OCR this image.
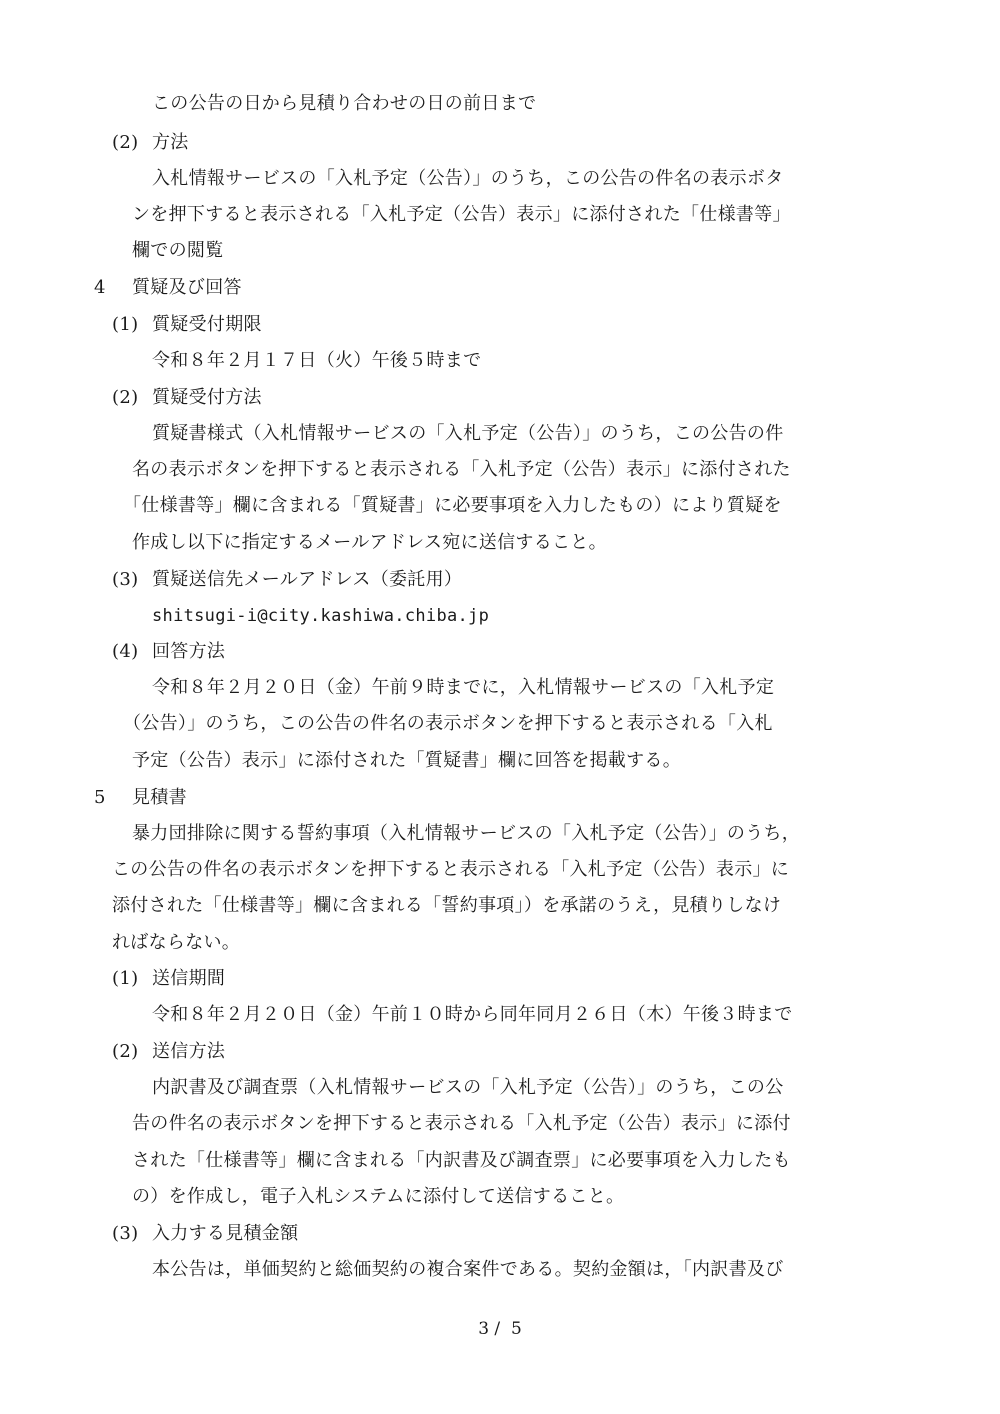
この公告の日から見積り合わせの日の前日まで
(2) 方法
入札情報サービスの「入札予定（公告）」のうち，この公告の件名の表示ボタ
ンを押下すると表示される「入札予定（公告）表示」に添付された「仕様書等」
欄での閲覧
4 質疑及び回答
(1) 質疑受付期限
令和８年２月１７日（火）午後５時まで
(2) 質疑受付方法
質疑書様式（入札情報サービスの「入札予定（公告）」のうち，この公告の件
名の表示ボタンを押下すると表示される「入札予定（公告）表示」に添付された
「仕様書等」欄に含まれる「質疑書」に必要事項を入力したもの）により質疑を
作成し以下に指定するメールアドレス宛に送信すること。
(3) 質疑送信先メールアドレス（委託用）
shitsugi-i@city.kashiwa.chiba.jp
(4) 回答方法
令和８年２月２０日（金）午前９時までに，入札情報サービスの「入札予定
（公告）」のうち，この公告の件名の表示ボタンを押下すると表示される「入札
予定（公告）表示」に添付された「質疑書」欄に回答を掲載する。
5 見積書
暴力団排除に関する誓約事項（入札情報サービスの「入札予定（公告）」のうち，
この公告の件名の表示ボタンを押下すると表示される「入札予定（公告）表示」に
添付された「仕様書等」欄に含まれる「誓約事項」）を承諾のうえ，見積りしなけ
ればならない。
(1) 送信期間
令和８年２月２０日（金）午前１０時から同年同月２６日（木）午後３時まで
(2) 送信方法
内訳書及び調査票（入札情報サービスの「入札予定（公告）」のうち，この公
告の件名の表示ボタンを押下すると表示される「入札予定（公告）表示」に添付
された「仕様書等」欄に含まれる「内訳書及び調査票」に必要事項を入力したも
の）を作成し，電子入札システムに添付して送信すること。
(3) 入力する見積金額
本公告は，単価契約と総価契約の複合案件である。契約金額は，「内訳書及び
3 /  5
